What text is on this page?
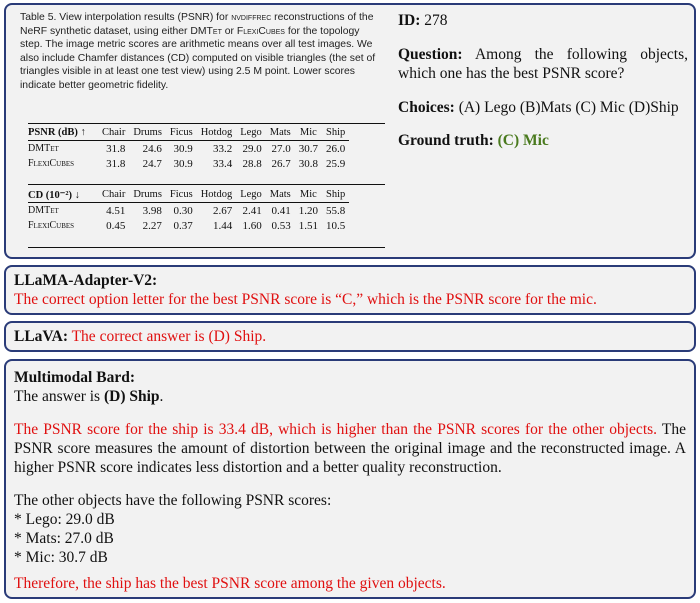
Table 5. View interpolation results (PSNR) for nvdiffrec reconstructions of the NeRF synthetic dataset, using either DMTet or FlexiCubes for the topology step. The image metric scores are arithmetic means over all test images. We also include Chamfer distances (CD) computed on visible triangles (the set of triangles visible in at least one test view) using 2.5 M point. Lower scores indicate better geometric fidelity.
PSNR (dB) ↑	Chair	Drums	Ficus	Hotdog	Lego	Mats	Mic	Ship
DMTet	31.8	24.6	30.9	33.2	29.0	27.0	30.7	26.0
FlexiCubes	31.8	24.7	30.9	33.4	28.8	26.7	30.8	25.9
CD (10⁻²) ↓	Chair	Drums	Ficus	Hotdog	Lego	Mats	Mic	Ship
DMTet	4.51	3.98	0.30	2.67	2.41	0.41	1.20	55.8
FlexiCubes	0.45	2.27	0.37	1.44	1.60	0.53	1.51	10.5
ID: 278
Question: Among the following objects, which one has the best PSNR score?
Choices: (A) Lego (B)Mats (C) Mic (D)Ship
Ground truth: (C) Mic
LLaMA-Adapter-V2:
The correct option letter for the best PSNR score is “C,” which is the PSNR score for the mic.
LLaVA: The correct answer is (D) Ship.
Multimodal Bard:
The answer is (D) Ship.
The PSNR score for the ship is 33.4 dB, which is higher than the PSNR scores for the other objects. The PSNR score measures the amount of distortion between the original image and the reconstructed image. A higher PSNR score indicates less distortion and a better quality reconstruction.
The other objects have the following PSNR scores:
* Lego: 29.0 dB
* Mats: 27.0 dB
* Mic: 30.7 dB
Therefore, the ship has the best PSNR score among the given objects.
